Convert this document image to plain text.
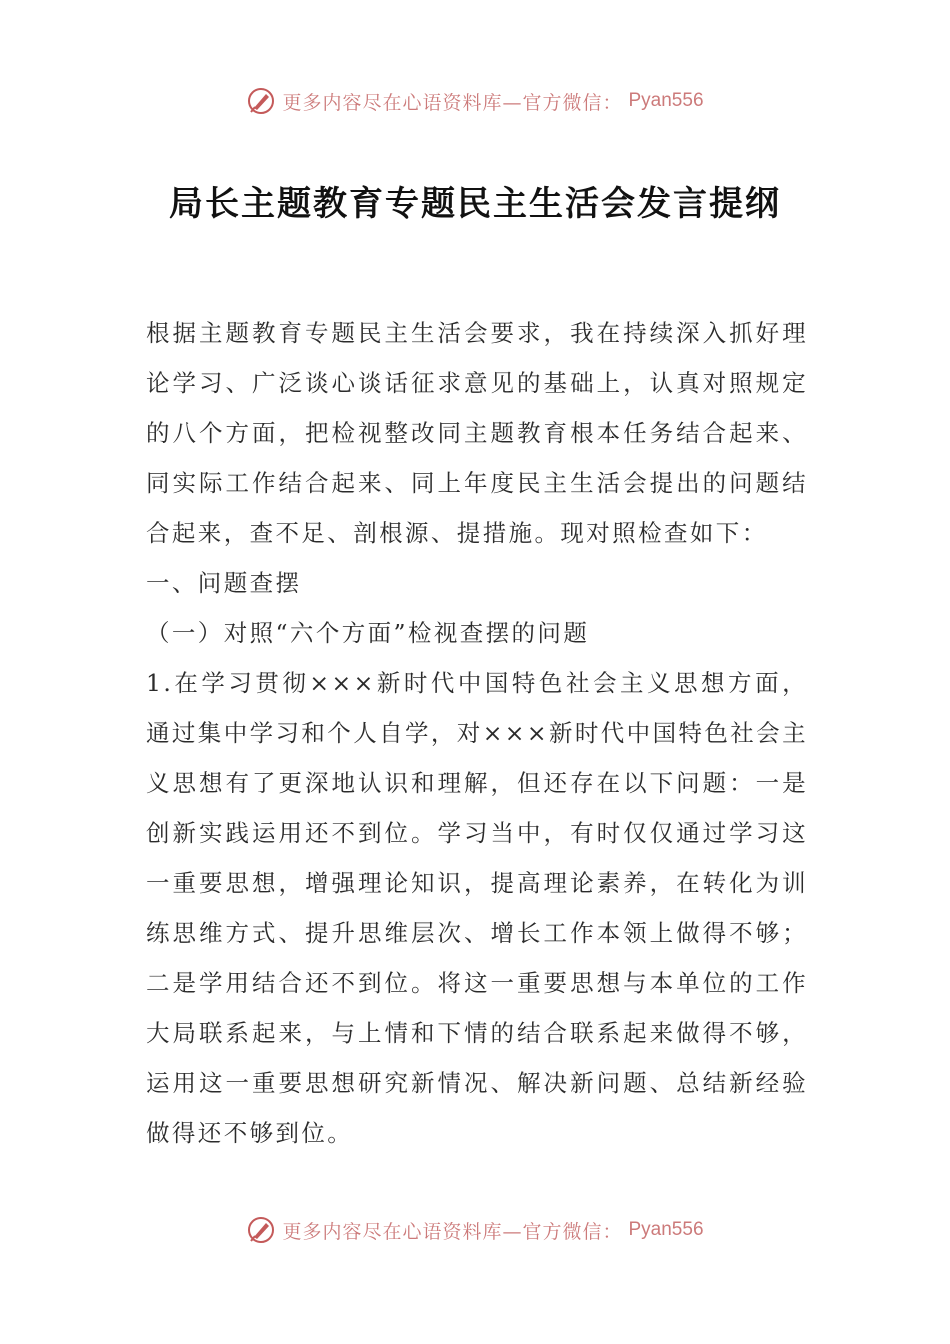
更多内容尽在心语资料库—官方微信： Pyan556
局长主题教育专题民主生活会发言提纲

根据主题教育专题民主生活会要求，我在持续深入抓好理论学习、广泛谈心谈话征求意见的基础上，认真对照规定的八个方面，把检视整改同主题教育根本任务结合起来、同实际工作结合起来、同上年度民主生活会提出的问题结合起来，查不足、剖根源、提措施。现对照检查如下：

一、问题查摆

（一）对照“六个方面”检视查摆的问题

1.在学习贯彻×××新时代中国特色社会主义思想方面，通过集中学习和个人自学，对×××新时代中国特色社会主义思想有了更深地认识和理解，但还存在以下问题：一是创新实践运用还不到位。学习当中，有时仅仅通过学习这一重要思想，增强理论知识，提高理论素养，在转化为训练思维方式、提升思维层次、增长工作本领上做得不够；二是学用结合还不到位。将这一重要思想与本单位的工作大局联系起来，与上情和下情的结合联系起来做得不够，运用这一重要思想研究新情况、解决新问题、总结新经验做得还不够到位。

更多内容尽在心语资料库—官方微信： Pyan556
